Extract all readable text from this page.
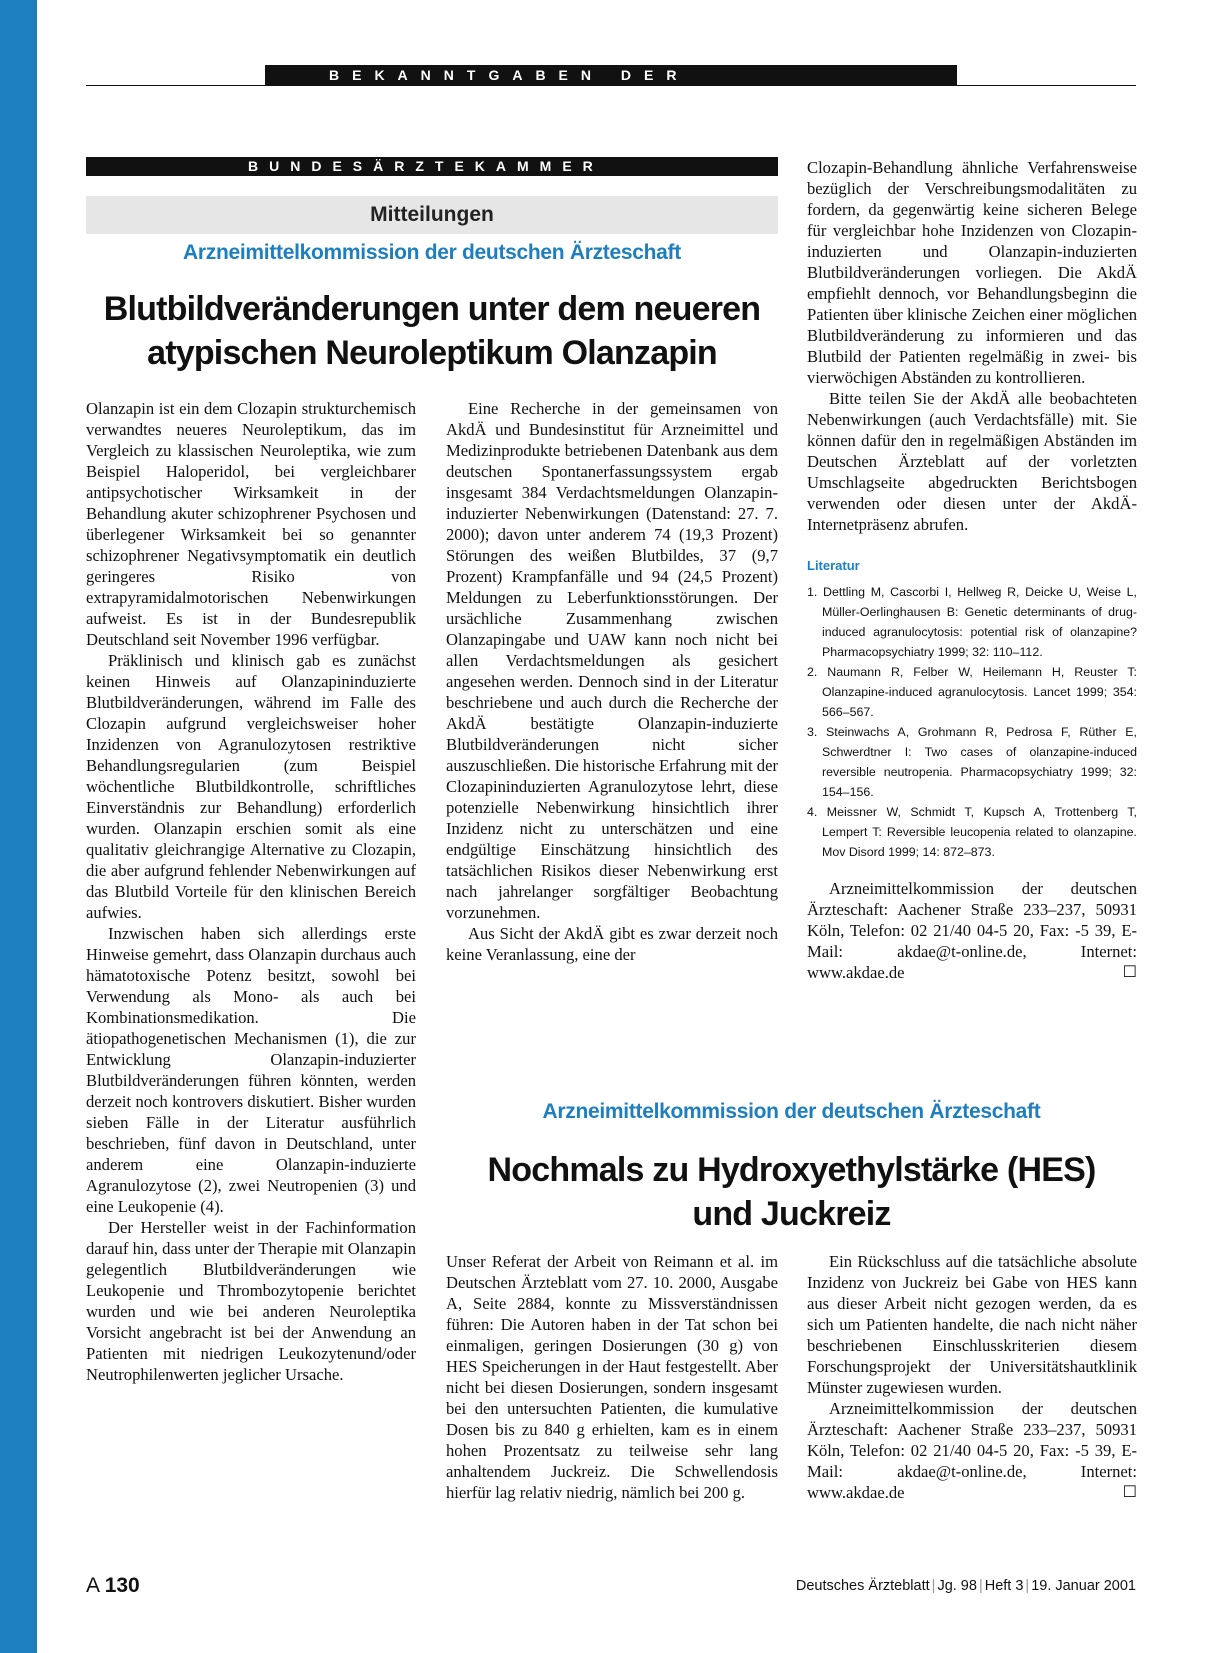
BEKANNTGABEN DER HERAUSGEBER
BUNDESÄRZTEKAMMER
Mitteilungen
Arzneimittelkommission der deutschen Ärzteschaft
Blutbildveränderungen unter dem neueren
atypischen Neuroleptikum Olanzapin

Olanzapin ist ein dem Clozapin strukturchemisch verwandtes neueres Neuroleptikum, das im Vergleich zu klassischen Neuroleptika, wie zum Beispiel Haloperidol, bei vergleichbarer antipsychotischer Wirksamkeit in der Behandlung akuter schizophrener Psychosen und überlegener Wirksamkeit bei so genannter schizophrener Negativsymptomatik ein deutlich geringeres Risiko von extrapyramidalmotorischen Nebenwirkungen aufweist. Es ist in der Bundesrepublik Deutschland seit November 1996 verfügbar.

Präklinisch und klinisch gab es zunächst keinen Hinweis auf Olanzapininduzierte Blutbildveränderungen, während im Falle des Clozapin aufgrund vergleichsweiser hoher Inzidenzen von Agranulozytosen restriktive Behandlungsregularien (zum Beispiel wöchentliche Blutbildkontrolle, schriftliches Einverständnis zur Behandlung) erforderlich wurden. Olanzapin erschien somit als eine qualitativ gleichrangige Alternative zu Clozapin, die aber aufgrund fehlender Nebenwirkungen auf das Blutbild Vorteile für den klinischen Bereich aufwies.

Inzwischen haben sich allerdings erste Hinweise gemehrt, dass Olanzapin durchaus auch hämatotoxische Potenz besitzt, sowohl bei Verwendung als Mono- als auch bei Kombinationsmedikation. Die ätiopathogenetischen Mechanismen (1), die zur Entwicklung Olanzapin-induzierter Blutbildveränderungen führen könnten, werden derzeit noch kontrovers diskutiert. Bisher wurden sieben Fälle in der Literatur ausführlich beschrieben, fünf davon in Deutschland, unter anderem eine Olanzapin-induzierte Agranulozytose (2), zwei Neutropenien (3) und eine Leukopenie (4).

Der Hersteller weist in der Fachinformation darauf hin, dass unter der Therapie mit Olanzapin gelegentlich Blutbildveränderungen wie Leukopenie und Thrombozytopenie berichtet wurden und wie bei anderen Neuroleptika Vorsicht angebracht ist bei der Anwendung an Patienten mit niedrigen Leukozytenund/oder Neutrophilenwerten jeglicher Ursache.

Eine Recherche in der gemeinsamen von AkdÄ und Bundesinstitut für Arzneimittel und Medizinprodukte betriebenen Datenbank aus dem deutschen Spontanerfassungssystem ergab insgesamt 384 Verdachtsmeldungen Olanzapin-induzierter Nebenwirkungen (Datenstand: 27. 7. 2000); davon unter anderem 74 (19,3 Prozent) Störungen des weißen Blutbildes, 37 (9,7 Prozent) Krampfanfälle und 94 (24,5 Prozent) Meldungen zu Leberfunktionsstörungen. Der ursächliche Zusammenhang zwischen Olanzapingabe und UAW kann noch nicht bei allen Verdachtsmeldungen als gesichert angesehen werden. Dennoch sind in der Literatur beschriebene und auch durch die Recherche der AkdÄ bestätigte Olanzapin-induzierte Blutbildveränderungen nicht sicher auszuschließen. Die historische Erfahrung mit der Clozapininduzierten Agranulozytose lehrt, diese potenzielle Nebenwirkung hinsichtlich ihrer Inzidenz nicht zu unterschätzen und eine endgültige Einschätzung hinsichtlich des tatsächlichen Risikos dieser Nebenwirkung erst nach jahrelanger sorgfältiger Beobachtung vorzunehmen.

Aus Sicht der AkdÄ gibt es zwar derzeit noch keine Veranlassung, eine der

Clozapin-Behandlung ähnliche Verfahrensweise bezüglich der Verschreibungsmodalitäten zu fordern, da gegenwärtig keine sicheren Belege für vergleichbar hohe Inzidenzen von Clozapin-induzierten und Olanzapin-induzierten Blutbildveränderungen vorliegen. Die AkdÄ empfiehlt dennoch, vor Behandlungsbeginn die Patienten über klinische Zeichen einer möglichen Blutbildveränderung zu informieren und das Blutbild der Patienten regelmäßig in zwei- bis vierwöchigen Abständen zu kontrollieren.

Bitte teilen Sie der AkdÄ alle beobachteten Nebenwirkungen (auch Verdachtsfälle) mit. Sie können dafür den in regelmäßigen Abständen im Deutschen Ärzteblatt auf der vorletzten Umschlagseite abgedruckten Berichtsbogen verwenden oder diesen unter der AkdÄ-Internetpräsenz abrufen.

Literatur
1. Dettling M, Cascorbi I, Hellweg R, Deicke U, Weise L, Müller-Oerlinghausen B: Genetic determinants of drug-induced agranulocytosis: potential risk of olanzapine? Pharmacopsychiatry 1999; 32: 110–112.
2. Naumann R, Felber W, Heilemann H, Reuster T: Olanzapine-induced agranulocytosis. Lancet 1999; 354: 566–567.
3. Steinwachs A, Grohmann R, Pedrosa F, Rüther E, Schwerdtner I: Two cases of olanzapine-induced reversible neutropenia. Pharmacopsychiatry 1999; 32: 154–156.
4. Meissner W, Schmidt T, Kupsch A, Trottenberg T, Lempert T: Reversible leucopenia related to olanzapine. Mov Disord 1999; 14: 872–873.

Arzneimittelkommission der deutschen Ärzteschaft: Aachener Straße 233–237, 50931 Köln, Telefon: 02 21/40 04-5 20, Fax: -5 39, E-Mail: akdae@t-online.de, Internet: www.akdae.de	☐

Arzneimittelkommission der deutschen Ärzteschaft
Nochmals zu Hydroxyethylstärke (HES)
und Juckreiz

Unser Referat der Arbeit von Reimann et al. im Deutschen Ärzteblatt vom 27. 10. 2000, Ausgabe A, Seite 2884, konnte zu Missverständnissen führen: Die Autoren haben in der Tat schon bei einmaligen, geringen Dosierungen (30 g) von HES Speicherungen in der Haut festgestellt. Aber nicht bei diesen Dosierungen, sondern insgesamt bei den untersuchten Patienten, die kumulative Dosen bis zu 840 g erhielten, kam es in einem hohen Prozentsatz zu teilweise sehr lang anhaltendem Juckreiz. Die Schwellendosis hierfür lag relativ niedrig, nämlich bei 200 g.

Ein Rückschluss auf die tatsächliche absolute Inzidenz von Juckreiz bei Gabe von HES kann aus dieser Arbeit nicht gezogen werden, da es sich um Patienten handelte, die nach nicht näher beschriebenen Einschlusskriterien diesem Forschungsprojekt der Universitätshautklinik Münster zugewiesen wurden.

Arzneimittelkommission der deutschen Ärzteschaft: Aachener Straße 233–237, 50931 Köln, Telefon: 02 21/40 04-5 20, Fax: -5 39, E-Mail: akdae@t-online.de, Internet: www.akdae.de	☐

A 130	Deutsches Ärzteblatt | Jg. 98 | Heft 3 | 19. Januar 2001
